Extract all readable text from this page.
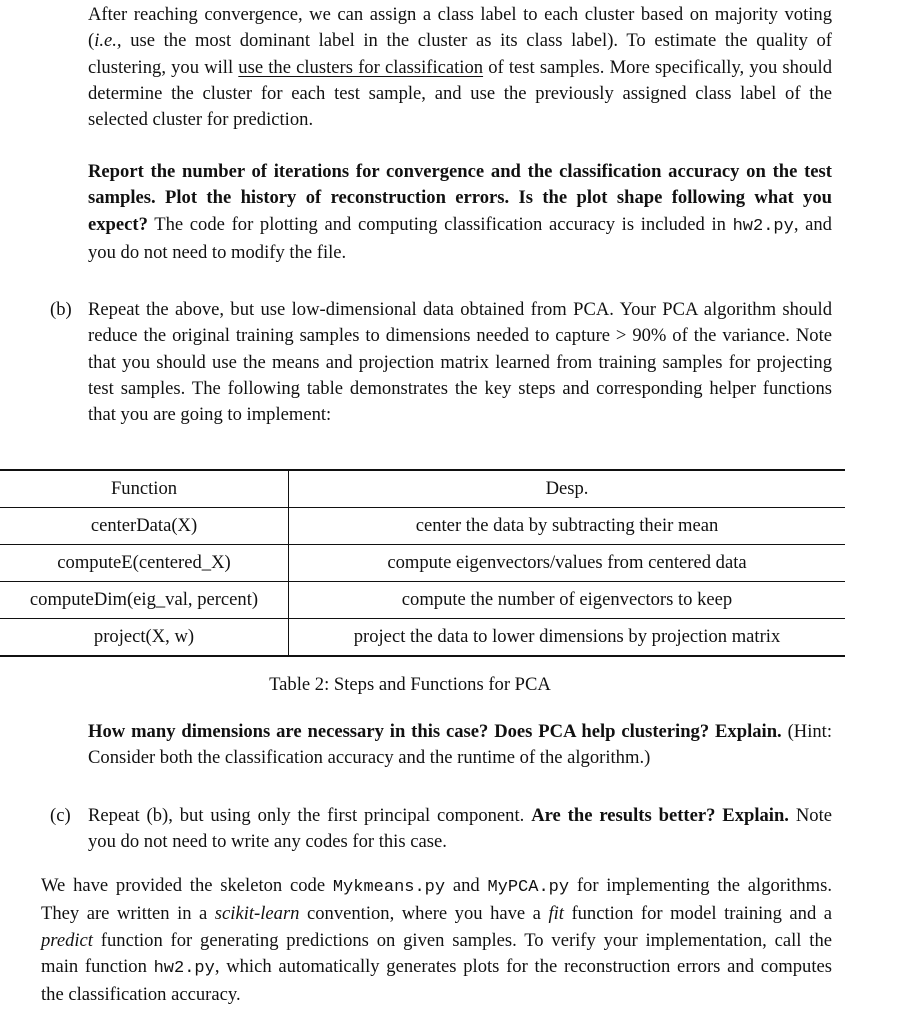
After reaching convergence, we can assign a class label to each cluster based on majority voting (i.e., use the most dominant label in the cluster as its class label). To estimate the quality of clustering, you will use the clusters for classification of test samples. More specifically, you should determine the cluster for each test sample, and use the previously assigned class label of the selected cluster for prediction.
Report the number of iterations for convergence and the classification accuracy on the test samples. Plot the history of reconstruction errors. Is the plot shape following what you expect? The code for plotting and computing classification accuracy is included in hw2.py, and you do not need to modify the file.
(b) Repeat the above, but use low-dimensional data obtained from PCA. Your PCA algorithm should reduce the original training samples to dimensions needed to capture > 90% of the variance. Note that you should use the means and projection matrix learned from training samples for projecting test samples. The following table demonstrates the key steps and corresponding helper functions that you are going to implement:
Function	Desp.
centerData(X)	center the data by subtracting their mean
computeE(centered_X)	compute eigenvectors/values from centered data
computeDim(eig_val, percent)	compute the number of eigenvectors to keep
project(X, w)	project the data to lower dimensions by projection matrix
Table 2: Steps and Functions for PCA
How many dimensions are necessary in this case? Does PCA help clustering? Explain. (Hint: Consider both the classification accuracy and the runtime of the algorithm.)
(c) Repeat (b), but using only the first principal component. Are the results better? Explain. Note you do not need to write any codes for this case.
We have provided the skeleton code Mykmeans.py and MyPCA.py for implementing the algorithms. They are written in a scikit-learn convention, where you have a fit function for model training and a predict function for generating predictions on given samples. To verify your implementation, call the main function hw2.py, which automatically generates plots for the reconstruction errors and computes the classification accuracy.
